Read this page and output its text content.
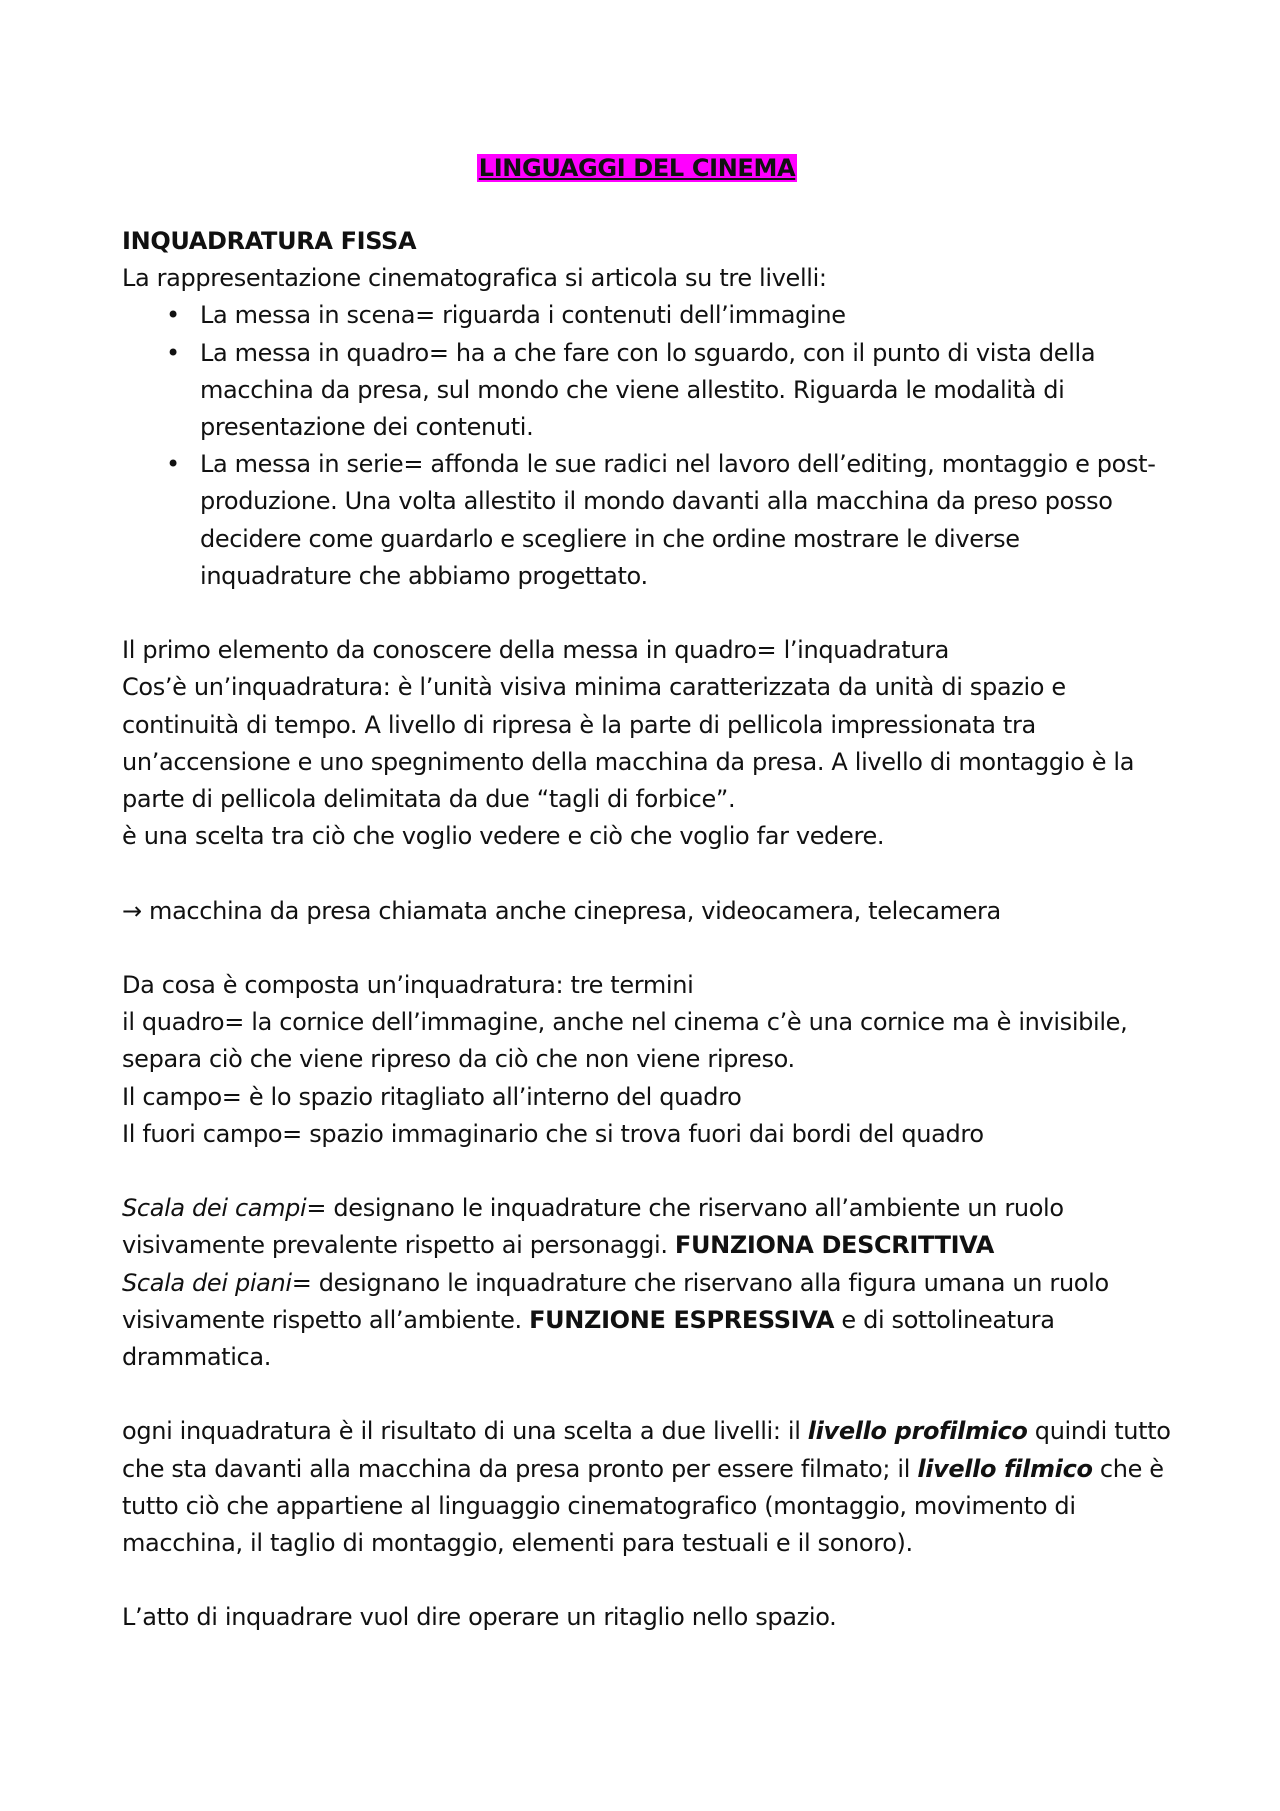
LINGUAGGI DEL CINEMA

INQUADRATURA FISSA

La rappresentazione cinematografica si articola su tre livelli:

• La messa in scena= riguarda i contenuti dell’immagine
• La messa in quadro= ha a che fare con lo sguardo, con il punto di vista della macchina da presa, sul mondo che viene allestito. Riguarda le modalità di presentazione dei contenuti.
• La messa in serie= affonda le sue radici nel lavoro dell’editing, montaggio e post-produzione. Una volta allestito il mondo davanti alla macchina da preso posso decidere come guardarlo e scegliere in che ordine mostrare le diverse inquadrature che abbiamo progettato.

Il primo elemento da conoscere della messa in quadro= l’inquadratura

Cos’è un’inquadratura: è l’unità visiva minima caratterizzata da unità di spazio e continuità di tempo. A livello di ripresa è la parte di pellicola impressionata tra un’accensione e uno spegnimento della macchina da presa. A livello di montaggio è la parte di pellicola delimitata da due “tagli di forbice”.

è una scelta tra ciò che voglio vedere e ciò che voglio far vedere.

→ macchina da presa chiamata anche cinepresa, videocamera, telecamera

Da cosa è composta un’inquadratura: tre termini

il quadro= la cornice dell’immagine, anche nel cinema c’è una cornice ma è invisibile, separa ciò che viene ripreso da ciò che non viene ripreso.

Il campo= è lo spazio ritagliato all’interno del quadro

Il fuori campo= spazio immaginario che si trova fuori dai bordi del quadro

Scala dei campi= designano le inquadrature che riservano all’ambiente un ruolo visivamente prevalente rispetto ai personaggi. FUNZIONA DESCRITTIVA

Scala dei piani= designano le inquadrature che riservano alla figura umana un ruolo visivamente rispetto all’ambiente. FUNZIONE ESPRESSIVA e di sottolineatura drammatica.

ogni inquadratura è il risultato di una scelta a due livelli: il livello profilmico quindi tutto che sta davanti alla macchina da presa pronto per essere filmato; il livello filmico che è tutto ciò che appartiene al linguaggio cinematografico (montaggio, movimento di macchina, il taglio di montaggio, elementi para testuali e il sonoro).

L’atto di inquadrare vuol dire operare un ritaglio nello spazio.
